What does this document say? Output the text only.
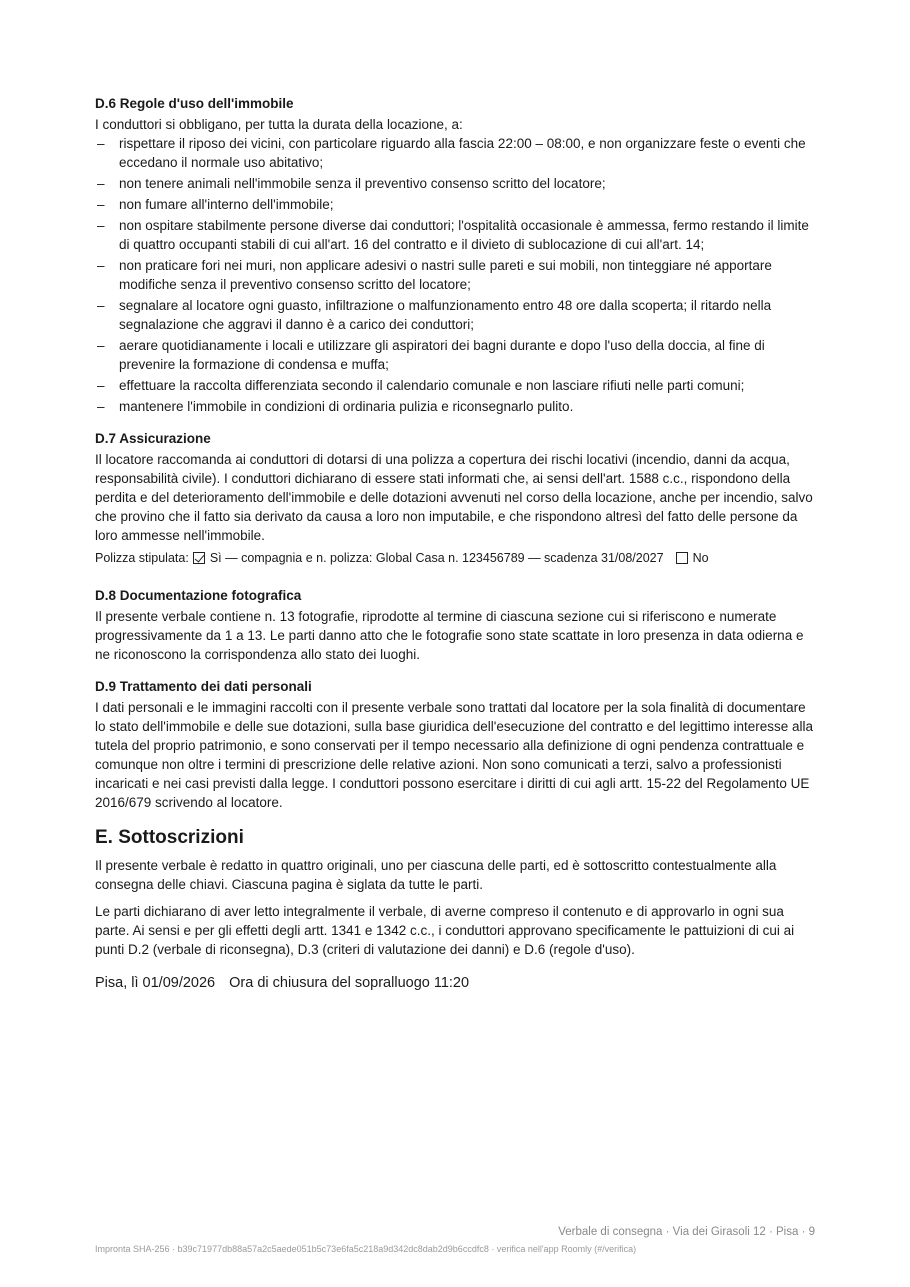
D.6 Regole d'uso dell'immobile

I conduttori si obbligano, per tutta la durata della locazione, a:

– rispettare il riposo dei vicini, con particolare riguardo alla fascia 22:00 – 08:00, e non organizzare feste o eventi che eccedano il normale uso abitativo;
– non tenere animali nell'immobile senza il preventivo consenso scritto del locatore;
– non fumare all'interno dell'immobile;
– non ospitare stabilmente persone diverse dai conduttori; l'ospitalità occasionale è ammessa, fermo restando il limite di quattro occupanti stabili di cui all'art. 16 del contratto e il divieto di sublocazione di cui all'art. 14;
– non praticare fori nei muri, non applicare adesivi o nastri sulle pareti e sui mobili, non tinteggiare né apportare modifiche senza il preventivo consenso scritto del locatore;
– segnalare al locatore ogni guasto, infiltrazione o malfunzionamento entro 48 ore dalla scoperta; il ritardo nella segnalazione che aggravi il danno è a carico dei conduttori;
– aerare quotidianamente i locali e utilizzare gli aspiratori dei bagni durante e dopo l'uso della doccia, al fine di prevenire la formazione di condensa e muffa;
– effettuare la raccolta differenziata secondo il calendario comunale e non lasciare rifiuti nelle parti comuni;
– mantenere l'immobile in condizioni di ordinaria pulizia e riconsegnarlo pulito.
D.7 Assicurazione

Il locatore raccomanda ai conduttori di dotarsi di una polizza a copertura dei rischi locativi (incendio, danni da acqua, responsabilità civile). I conduttori dichiarano di essere stati informati che, ai sensi dell'art. 1588 c.c., rispondono della perdita e del deterioramento dell'immobile e delle dotazioni avvenuti nel corso della locazione, anche per incendio, salvo che provino che il fatto sia derivato da causa a loro non imputabile, e che rispondono altresì del fatto delle persone da loro ammesse nell'immobile.

Polizza stipulata: Sì — compagnia e n. polizza: Global Casa n. 123456789 — scadenza 31/08/2027 No
D.8 Documentazione fotografica

Il presente verbale contiene n. 13 fotografie, riprodotte al termine di ciascuna sezione cui si riferiscono e numerate progressivamente da 1 a 13. Le parti danno atto che le fotografie sono state scattate in loro presenza in data odierna e ne riconoscono la corrispondenza allo stato dei luoghi.

D.9 Trattamento dei dati personali

I dati personali e le immagini raccolti con il presente verbale sono trattati dal locatore per la sola finalità di documentare lo stato dell'immobile e delle sue dotazioni, sulla base giuridica dell'esecuzione del contratto e del legittimo interesse alla tutela del proprio patrimonio, e sono conservati per il tempo necessario alla definizione di ogni pendenza contrattuale e comunque non oltre i termini di prescrizione delle relative azioni. Non sono comunicati a terzi, salvo a professionisti incaricati e nei casi previsti dalla legge. I conduttori possono esercitare i diritti di cui agli artt. 15-22 del Regolamento UE 2016/679 scrivendo al locatore.

E. Sottoscrizioni

Il presente verbale è redatto in quattro originali, uno per ciascuna delle parti, ed è sottoscritto contestualmente alla consegna delle chiavi. Ciascuna pagina è siglata da tutte le parti.

Le parti dichiarano di aver letto integralmente il verbale, di averne compreso il contenuto e di approvarlo in ogni sua parte. Ai sensi e per gli effetti degli artt. 1341 e 1342 c.c., i conduttori approvano specificamente le pattuizioni di cui ai punti D.2 (verbale di riconsegna), D.3 (criteri di valutazione dei danni) e D.6 (regole d'uso).

Pisa, lì 01/09/2026 Ora di chiusura del sopralluogo 11:20
Verbale di consegna · Via dei Girasoli 12 · Pisa · 9
Impronta SHA-256 · b39c71977db88a57a2c5aede051b5c73e6fa5c218a9d342dc8dab2d9b6ccdfc8 · verifica nell'app Roomly (#/verifica)
